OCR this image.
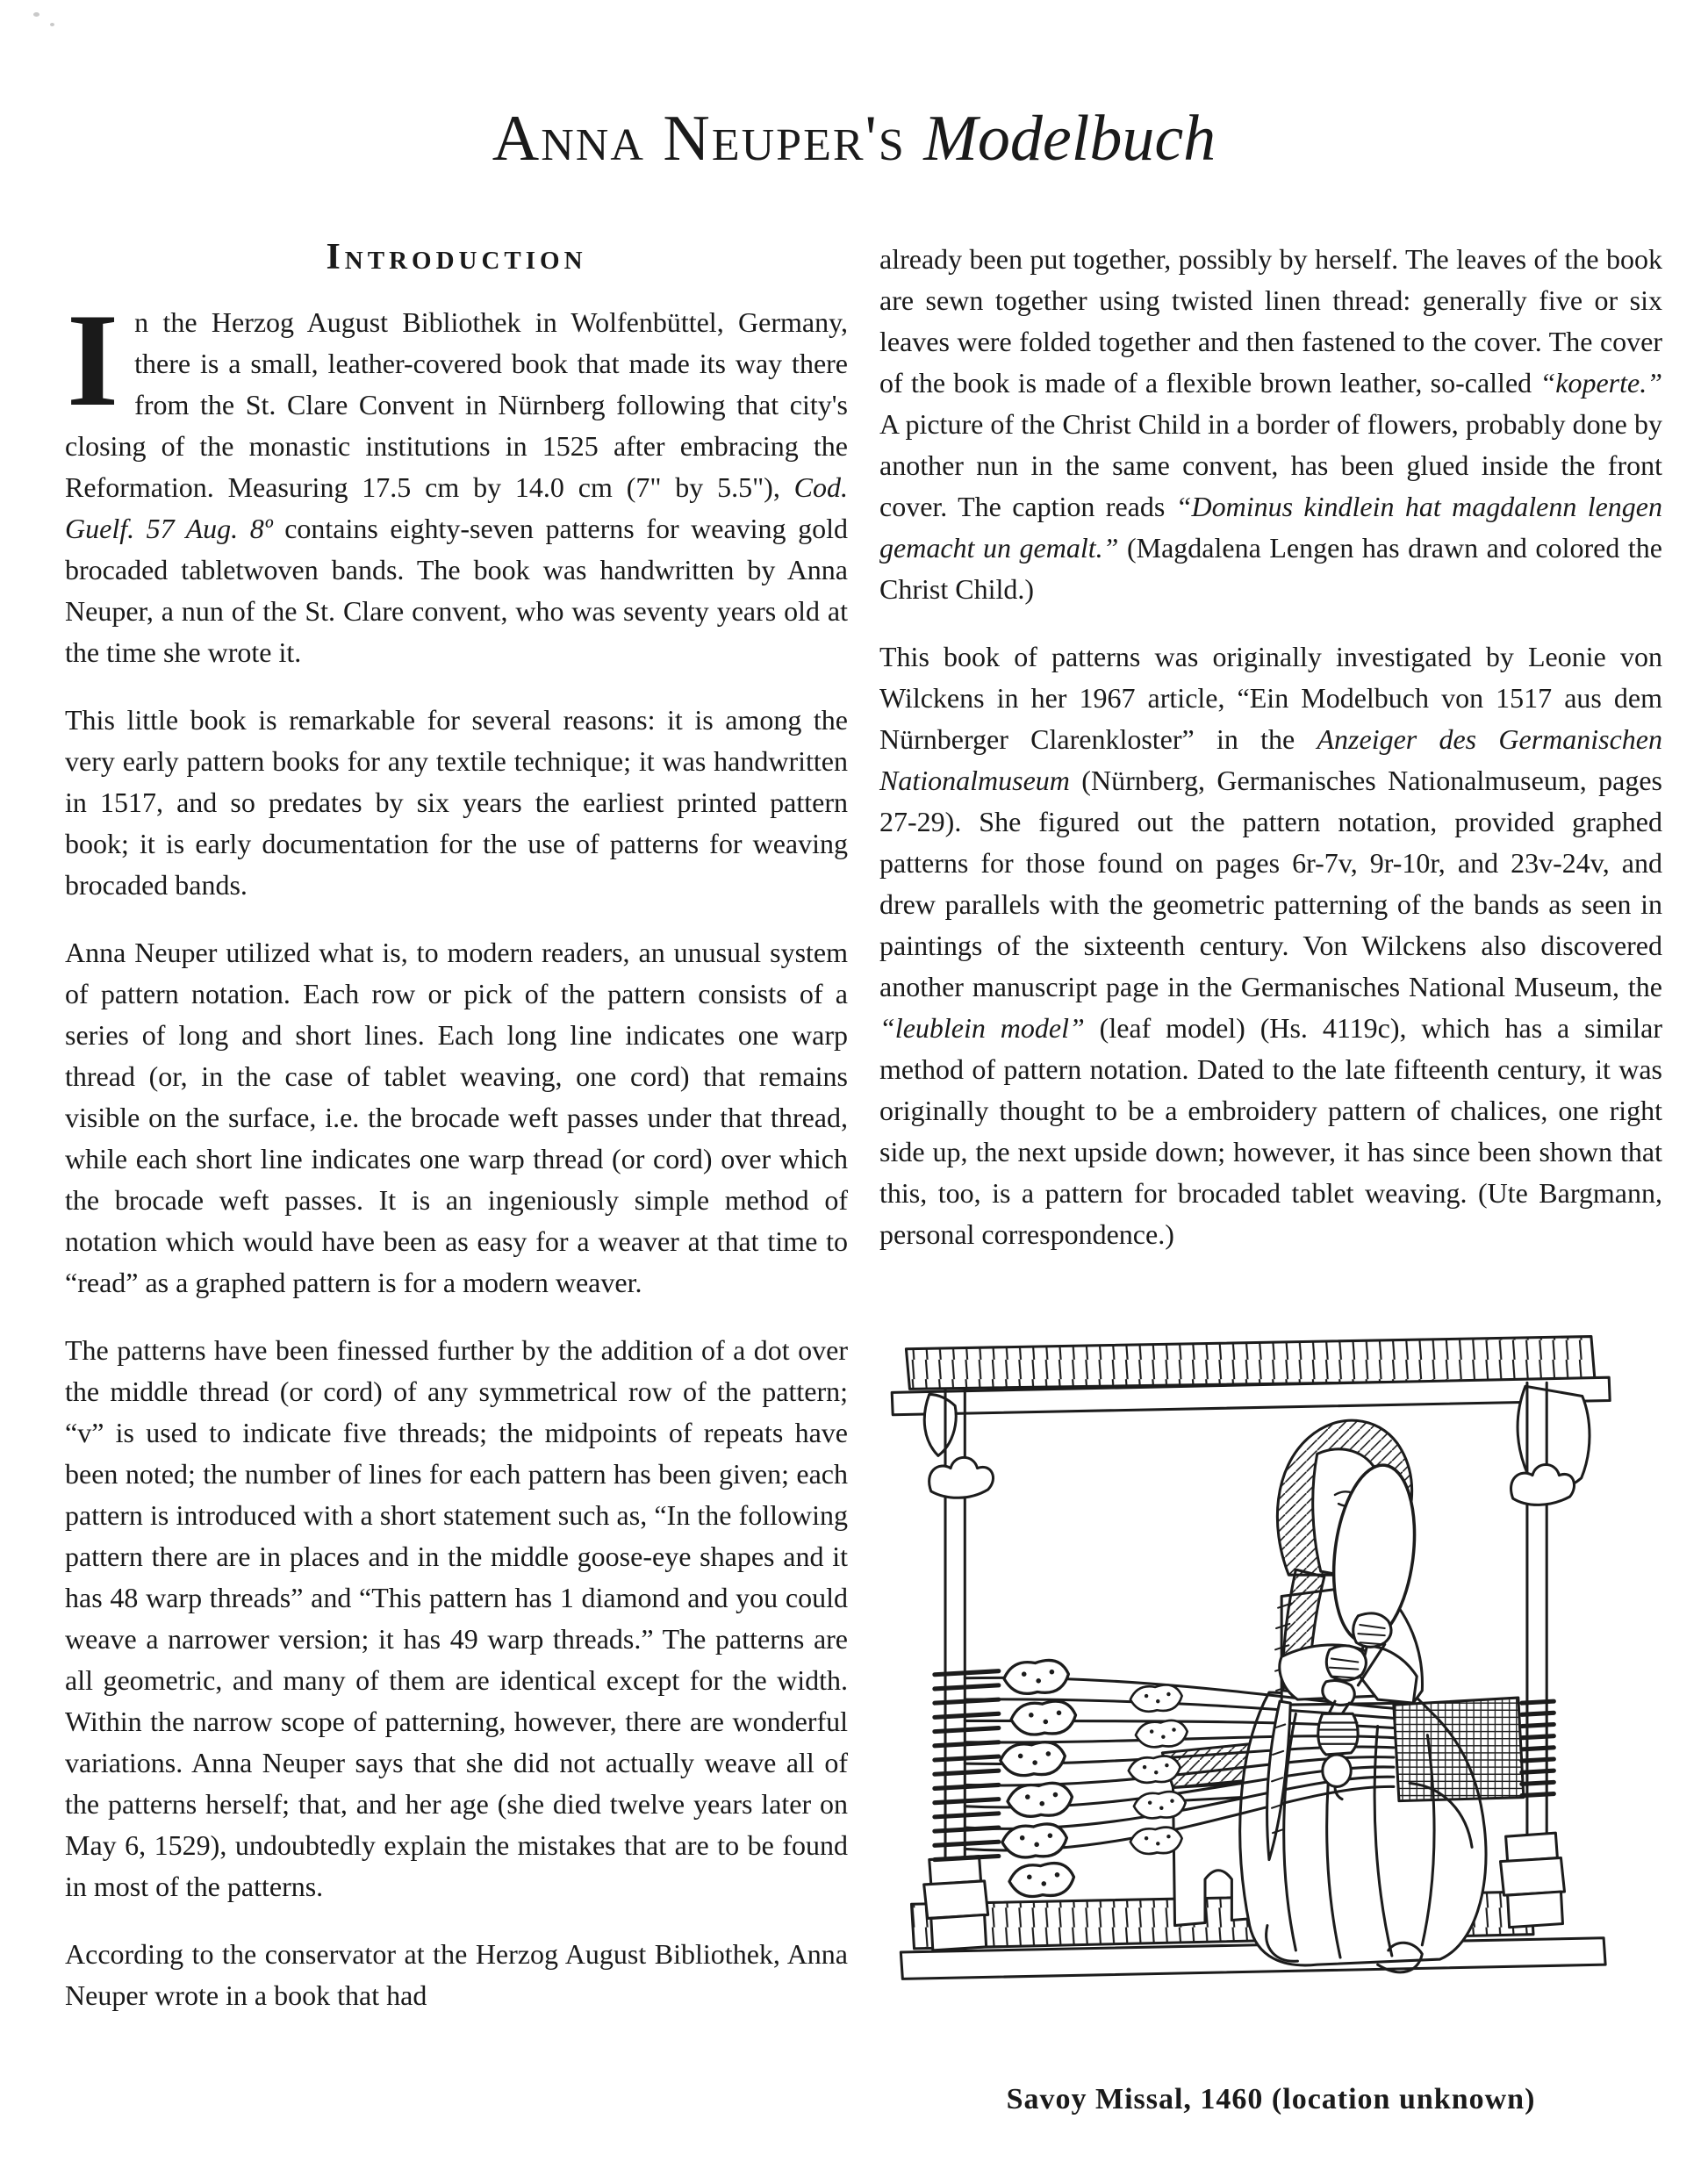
Anna Neuper's Modelbuch
Introduction

In the Herzog August Bibliothek in Wolfenbüttel, Germany, there is a small, leather-covered book that made its way there from the St. Clare Convent in Nürnberg following that city's closing of the monastic institutions in 1525 after embracing the Reformation. Measuring 17.5 cm by 14.0 cm (7" by 5.5"), Cod. Guelf. 57 Aug. 8º contains eighty-seven patterns for weaving gold brocaded tabletwoven bands. The book was handwritten by Anna Neuper, a nun of the St. Clare convent, who was seventy years old at the time she wrote it.

This little book is remarkable for several reasons: it is among the very early pattern books for any textile technique; it was handwritten in 1517, and so predates by six years the earliest printed pattern book; it is early documentation for the use of patterns for weaving brocaded bands.

Anna Neuper utilized what is, to modern readers, an unusual system of pattern notation. Each row or pick of the pattern consists of a series of long and short lines. Each long line indicates one warp thread (or, in the case of tablet weaving, one cord) that remains visible on the surface, i.e. the brocade weft passes under that thread, while each short line indicates one warp thread (or cord) over which the brocade weft passes. It is an ingeniously simple method of notation which would have been as easy for a weaver at that time to “read” as a graphed pattern is for a modern weaver.

The patterns have been finessed further by the addition of a dot over the middle thread (or cord) of any symmetrical row of the pattern; “v” is used to indicate five threads; the midpoints of repeats have been noted; the number of lines for each pattern has been given; each pattern is introduced with a short statement such as, “In the following pattern there are in places and in the middle goose-eye shapes and it has 48 warp threads” and “This pattern has 1 diamond and you could weave a narrower version; it has 49 warp threads.” The patterns are all geometric, and many of them are identical except for the width. Within the narrow scope of patterning, however, there are wonderful variations. Anna Neuper says that she did not actually weave all of the patterns herself; that, and her age (she died twelve years later on May 6, 1529), undoubtedly explain the mistakes that are to be found in most of the patterns.

According to the conservator at the Herzog August Bibliothek, Anna Neuper wrote in a book that had

already been put together, possibly by herself. The leaves of the book are sewn together using twisted linen thread: generally five or six leaves were folded together and then fastened to the cover. The cover of the book is made of a flexible brown leather, so-called “koperte.” A picture of the Christ Child in a border of flowers, probably done by another nun in the same convent, has been glued inside the front cover. The caption reads “Dominus kindlein hat magdalenn lengen gemacht un gemalt.” (Magdalena Lengen has drawn and colored the Christ Child.)

This book of patterns was originally investigated by Leonie von Wilckens in her 1967 article, “Ein Modelbuch von 1517 aus dem Nürnberger Clarenkloster” in the Anzeiger des Germanischen Nationalmuseum (Nürnberg, Germanisches Nationalmuseum, pages 27-29). She figured out the pattern notation, provided graphed patterns for those found on pages 6r-7v, 9r-10r, and 23v-24v, and drew parallels with the geometric patterning of the bands as seen in paintings of the sixteenth century. Von Wilckens also discovered another manuscript page in the Germanisches National Museum, the “leublein model” (leaf model) (Hs. 4119c), which has a similar method of pattern notation. Dated to the late fifteenth century, it was originally thought to be a embroidery pattern of chalices, one right side up, the next upside down; however, it has since been shown that this, too, is a pattern for brocaded tablet weaving. (Ute Bargmann, personal correspondence.)

Savoy Missal, 1460 (location unknown)
